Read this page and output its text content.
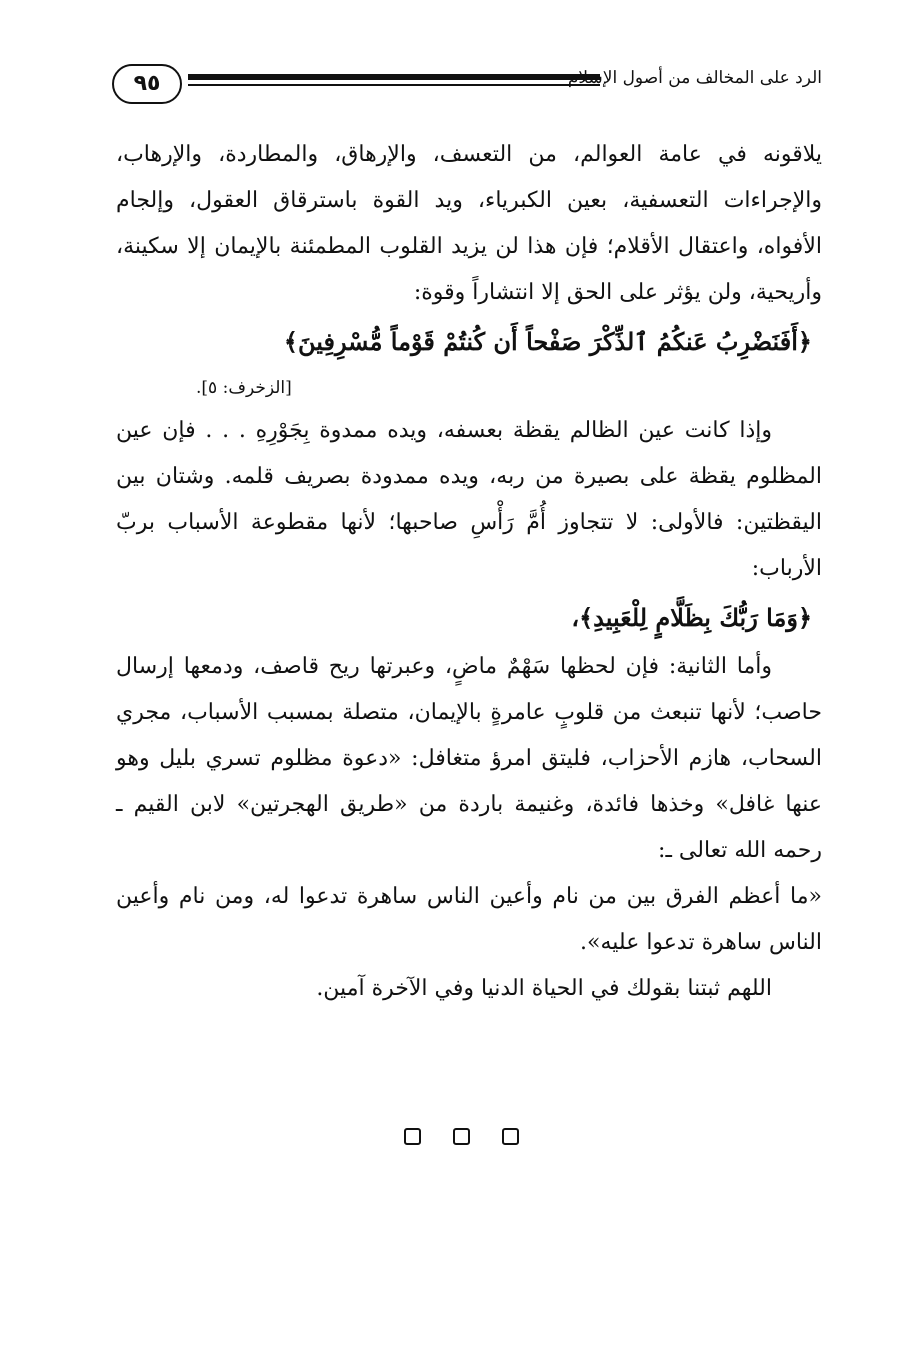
٩٥	الرد على المخالف من أصول الإسلام

يلاقونه في عامة العوالم، من التعسف، والإرهاق، والمطاردة، والإرهاب، والإجراءات التعسفية، بعين الكبرياء، ويد القوة باسترقاق العقول، وإلجام الأفواه، واعتقال الأقلام؛ فإن هذا لن يزيد القلوب المطمئنة بالإيمان إلا سكينة، وأريحية، ولن يؤثر على الحق إلا انتشاراً وقوة:

﴿أَفَنَضْرِبُ عَنكُمُ ٱلذِّكْرَ صَفْحاً أَن كُنتُمْ قَوْماً مُّسْرِفِينَ﴾

[الزخرف: ٥].

وإذا كانت عين الظالم يقظة بعسفه، ويده ممدوة بِجَوْرِهِ . . . فإن عين المظلوم يقظة على بصيرة من ربه، ويده ممدودة بصريف قلمه. وشتان بين اليقظتين: فالأولى: لا تتجاوز أُمَّ رَأْسِ صاحبها؛ لأنها مقطوعة الأسباب بربّ الأرباب:

﴿وَمَا رَبُّكَ بِظَلَّامٍ لِلْعَبِيدِ﴾،

وأما الثانية: فإن لحظها سَهْمٌ ماضٍ، وعبرتها ريح قاصف، ودمعها إرسال حاصب؛ لأنها تنبعث من قلوبٍ عامرةٍ بالإيمان، متصلة بمسبب الأسباب، مجري السحاب، هازم الأحزاب، فليتق امرؤ متغافل: «دعوة مظلوم تسري بليل وهو عنها غافل» وخذها فائدة، وغنيمة باردة من «طريق الهجرتين» لابن القيم ـ رحمه الله تعالى ـ:

«ما أعظم الفرق بين من نام وأعين الناس ساهرة تدعوا له، ومن نام وأعين الناس ساهرة تدعوا عليه».

اللهم ثبتنا بقولك في الحياة الدنيا وفي الآخرة آمين.
